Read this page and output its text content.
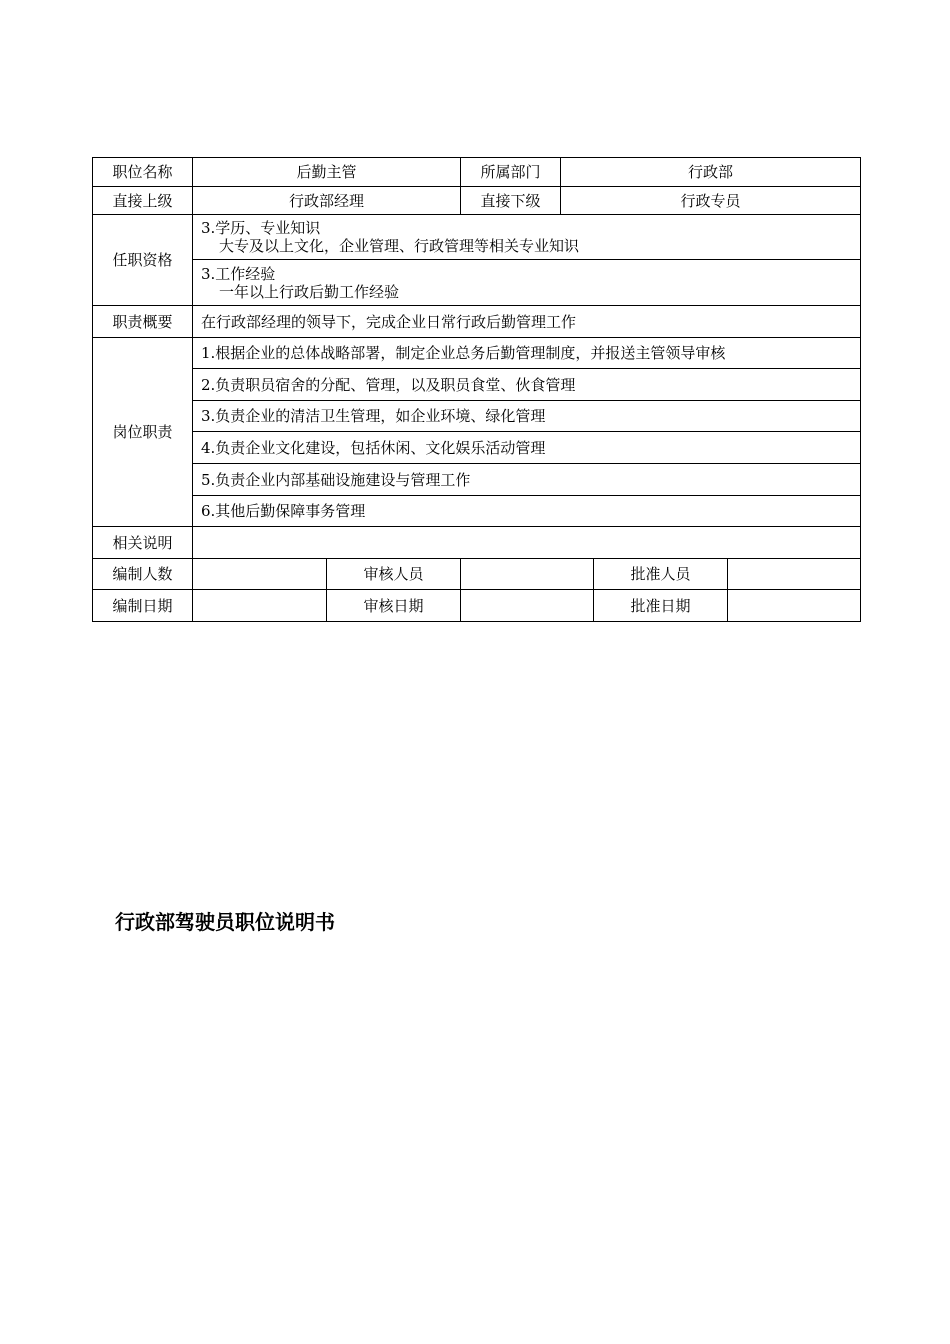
职位名称	后勤主管		所属部门	行政部		
直接上级	行政部经理		直接下级	行政专员		
任职资格	3.学历、专业知识
大专及以上文化，企业管理、行政管理等相关专业知识					

	3.工作经验
一年以上行政后勤工作经验					

职责概要	在行政部经理的领导下，完成企业日常行政后勤管理工作					
岗位职责	1.根据企业的总体战略部署，制定企业总务后勤管理制度，并报送主管领导审核					
	2.负责职员宿舍的分配、管理，以及职员食堂、伙食管理					
	3.负责企业的清洁卫生管理，如企业环境、绿化管理					
	4.负责企业文化建设，包括休闲、文化娱乐活动管理					
	5.负责企业内部基础设施建设与管理工作					
	6.其他后勤保障事务管理					
相关说明						
编制人数		审核人员			批准人员	
编制日期		审核日期			批准日期	
行政部驾驶员职位说明书
